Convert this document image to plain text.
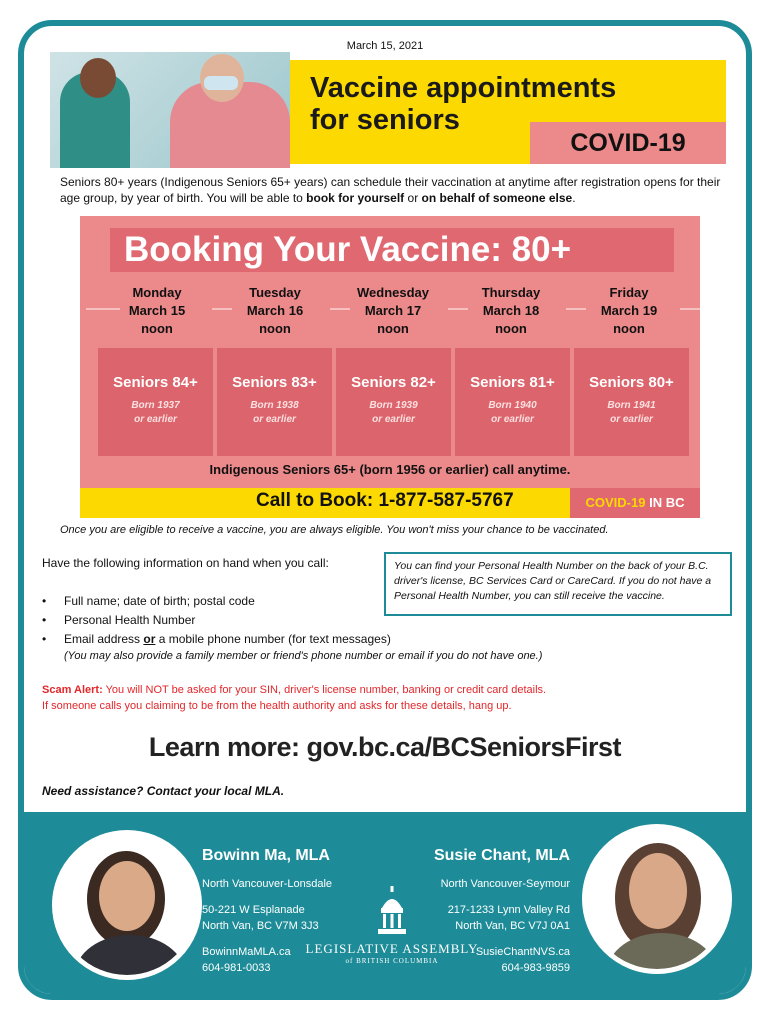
March 15, 2021
Vaccine appointments
for seniors
COVID-19
Seniors 80+ years (Indigenous Seniors 65+ years) can schedule their vaccination at anytime after registration opens for their age group, by year of birth. You will be able to book for yourself or on behalf of someone else.
Booking Your Vaccine: 80+
Monday
March 15
noon
Tuesday
March 16
noon
Wednesday
March 17
noon
Thursday
March 18
noon
Friday
March 19
noon
Seniors 84+
Born 1937
or earlier
Seniors 83+
Born 1938
or earlier
Seniors 82+
Born 1939
or earlier
Seniors 81+
Born 1940
or earlier
Seniors 80+
Born 1941
or earlier
Indigenous Seniors 65+ (born 1956 or earlier) call anytime.
Call to Book: 1-877-587-5767	COVID-19 IN BC
Once you are eligible to receive a vaccine, you are always eligible. You won't miss your chance to be vaccinated.
Have the following information on hand when you call:
• Full name; date of birth; postal code
• Personal Health Number
• Email address or a mobile phone number (for text messages)
(You may also provide a family member or friend's phone number or email if you do not have one.)
You can find your Personal Health Number on the back of your B.C. driver's license, BC Services Card or CareCard. If you do not have a Personal Health Number, you can still receive the vaccine.
Scam Alert: You will NOT be asked for your SIN, driver's license number, banking or credit card details.
If someone calls you claiming to be from the health authority and asks for these details, hang up.
Learn more: gov.bc.ca/BCSeniorsFirst
Need assistance? Contact your local MLA.
Bowinn Ma, MLA
North Vancouver-Lonsdale
50-221 W Esplanade
North Van, BC V7M 3J3
BowinnMaMLA.ca
604-981-0033
LEGISLATIVE ASSEMBLY
of BRITISH COLUMBIA
Susie Chant, MLA
North Vancouver-Seymour
217-1233 Lynn Valley Rd
North Van, BC V7J 0A1
SusieChantNVS.ca
604-983-9859
